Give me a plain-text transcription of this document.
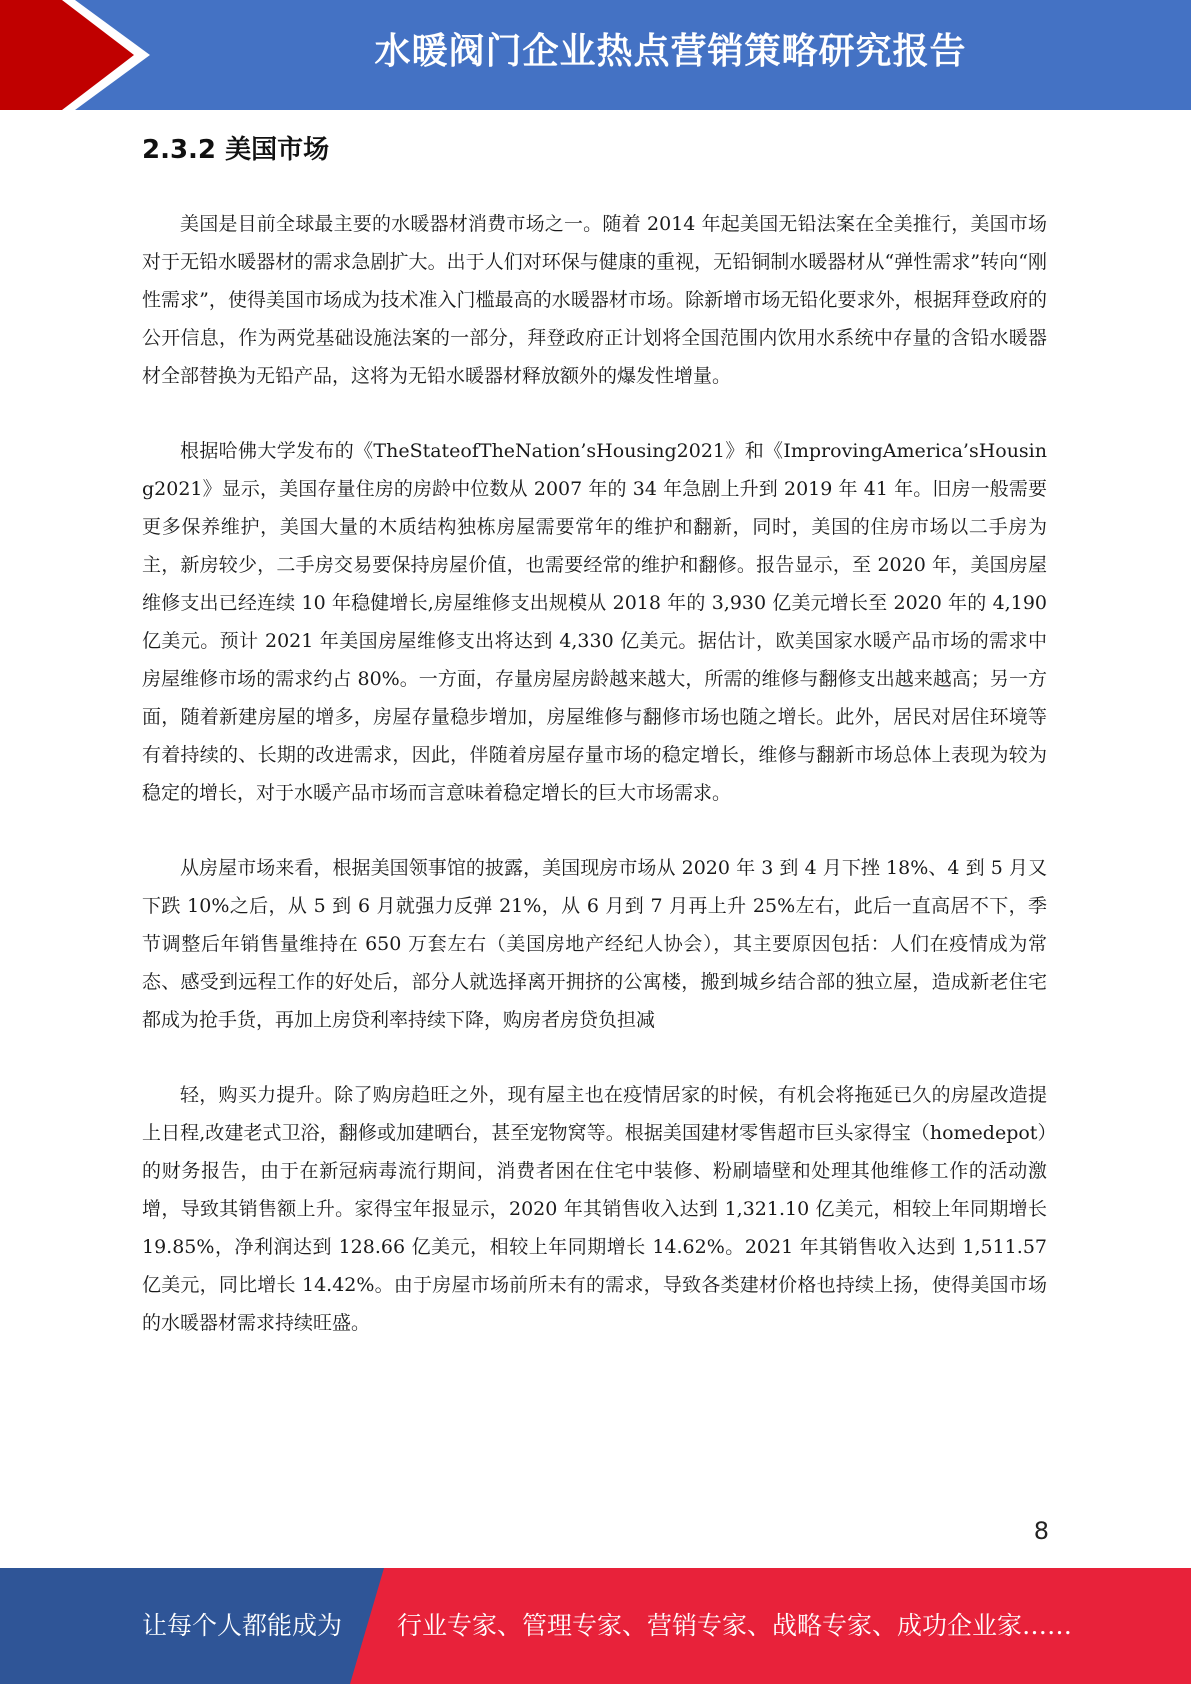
水暖阀门企业热点营销策略研究报告
2.3.2 美国市场

美国是目前全球最主要的水暖器材消费市场之一。随着 2014 年起美国无铅法案在全美推行，美国市场对于无铅水暖器材的需求急剧扩大。出于人们对环保与健康的重视，无铅铜制水暖器材从“弹性需求”转向“刚性需求”，使得美国市场成为技术准入门槛最高的水暖器材市场。除新增市场无铅化要求外，根据拜登政府的公开信息，作为两党基础设施法案的一部分，拜登政府正计划将全国范围内饮用水系统中存量的含铅水暖器材全部替换为无铅产品，这将为无铅水暖器材释放额外的爆发性增量。

根据哈佛大学发布的《TheStateofTheNation’sHousing2021》和《ImprovingAmerica’sHousing2021》显示，美国存量住房的房龄中位数从 2007 年的 34 年急剧上升到 2019 年 41 年。旧房一般需要更多保养维护，美国大量的木质结构独栋房屋需要常年的维护和翻新，同时，美国的住房市场以二手房为主，新房较少，二手房交易要保持房屋价值，也需要经常的维护和翻修。报告显示，至 2020 年，美国房屋维修支出已经连续 10 年稳健增长,房屋维修支出规模从 2018 年的 3,930 亿美元增长至 2020 年的 4,190 亿美元。预计 2021 年美国房屋维修支出将达到 4,330 亿美元。据估计，欧美国家水暖产品市场的需求中房屋维修市场的需求约占 80%。一方面，存量房屋房龄越来越大，所需的维修与翻修支出越来越高；另一方面，随着新建房屋的增多，房屋存量稳步增加，房屋维修与翻修市场也随之增长。此外，居民对居住环境等有着持续的、长期的改进需求，因此，伴随着房屋存量市场的稳定增长，维修与翻新市场总体上表现为较为稳定的增长，对于水暖产品市场而言意味着稳定增长的巨大市场需求。

从房屋市场来看，根据美国领事馆的披露，美国现房市场从 2020 年 3 到 4 月下挫 18%、4 到 5 月又下跌 10%之后，从 5 到 6 月就强力反弹 21%，从 6 月到 7 月再上升 25%左右，此后一直高居不下，季节调整后年销售量维持在 650 万套左右（美国房地产经纪人协会），其主要原因包括：人们在疫情成为常态、感受到远程工作的好处后，部分人就选择离开拥挤的公寓楼，搬到城乡结合部的独立屋，造成新老住宅都成为抢手货，再加上房贷利率持续下降，购房者房贷负担减

轻，购买力提升。除了购房趋旺之外，现有屋主也在疫情居家的时候，有机会将拖延已久的房屋改造提上日程,改建老式卫浴，翻修或加建晒台，甚至宠物窝等。根据美国建材零售超市巨头家得宝（homedepot）的财务报告，由于在新冠病毒流行期间，消费者困在住宅中装修、粉刷墙壁和处理其他维修工作的活动激增，导致其销售额上升。家得宝年报显示，2020 年其销售收入达到 1,321.10 亿美元，相较上年同期增长 19.85%，净利润达到 128.66 亿美元，相较上年同期增长 14.62%。2021 年其销售收入达到 1,511.57 亿美元，同比增长 14.42%。由于房屋市场前所未有的需求，导致各类建材价格也持续上扬，使得美国市场的水暖器材需求持续旺盛。

8
让每个人都能成为 行业专家、管理专家、营销专家、战略专家、成功企业家……
